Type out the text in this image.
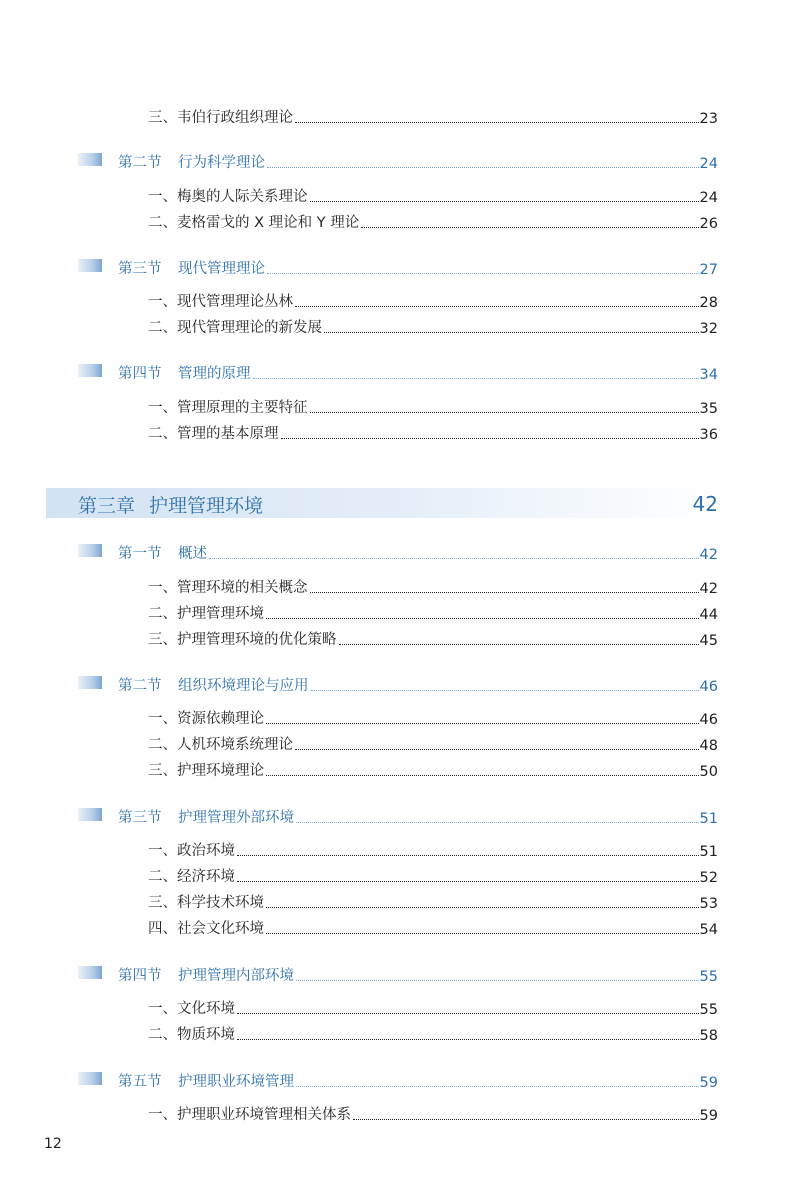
三、韦伯行政组织理论	23
第二节	行为科学理论	24
一、梅奥的人际关系理论	24
二、麦格雷戈的 X 理论和 Y 理论	26
第三节	现代管理理论	27
一、现代管理理论丛林	28
二、现代管理理论的新发展	32
第四节	管理的原理	34
一、管理原理的主要特征	35
二、管理的基本原理	36
第三章 护理管理环境	42
第一节	概述	42
一、管理环境的相关概念	42
二、护理管理环境	44
三、护理管理环境的优化策略	45
第二节	组织环境理论与应用	46
一、资源依赖理论	46
二、人机环境系统理论	48
三、护理环境理论	50
第三节	护理管理外部环境	51
一、政治环境	51
二、经济环境	52
三、科学技术环境	53
四、社会文化环境	54
第四节	护理管理内部环境	55
一、文化环境	55
二、物质环境	58
第五节	护理职业环境管理	59
一、护理职业环境管理相关体系	59
12
